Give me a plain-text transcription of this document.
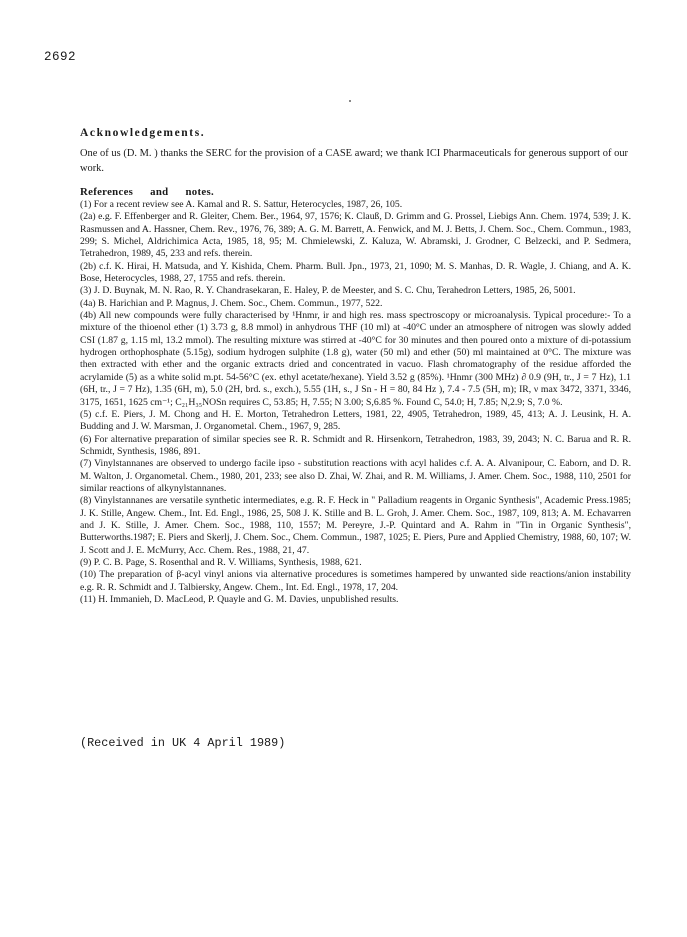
2692
Acknowledgements.
One of us (D. M. ) thanks the SERC for the provision of a CASE award; we thank ICI Pharmaceuticals for generous support of our work.
References and notes.

(1) For a recent review see A. Kamal and R. S. Sattur, Heterocycles, 1987, 26, 105.

(2a) e.g. F. Effenberger and R. Gleiter, Chem. Ber., 1964, 97, 1576; K. Clauß, D. Grimm and G. Prossel, Liebigs Ann. Chem. 1974, 539; J. K. Rasmussen and A. Hassner, Chem. Rev., 1976, 76, 389; A. G. M. Barrett, A. Fenwick, and M. J. Betts, J. Chem. Soc., Chem. Commun., 1983, 299; S. Michel, Aldrichimica Acta, 1985, 18, 95; M. Chmielewski, Z. Kaluza, W. Abramski, J. Grodner, C Belzecki, and P. Sedmera, Tetrahedron, 1989, 45, 233 and refs. therein.

(2b) c.f. K. Hirai, H. Matsuda, and Y. Kishida, Chem. Pharm. Bull. Jpn., 1973, 21, 1090; M. S. Manhas, D. R. Wagle, J. Chiang, and A. K. Bose, Heterocycles, 1988, 27, 1755 and refs. therein.

(3) J. D. Buynak, M. N. Rao, R. Y. Chandrasekaran, E. Haley, P. de Meester, and S. C. Chu, Terahedron Letters, 1985, 26, 5001.

(4a) B. Harichian and P. Magnus, J. Chem. Soc., Chem. Commun., 1977, 522.

(4b) All new compounds were fully characterised by ¹Hnmr, ir and high res. mass spectroscopy or microanalysis. Typical procedure:- To a mixture of the thioenol ether (1) 3.73 g, 8.8 mmol) in anhydrous THF (10 ml) at -40°C under an atmosphere of nitrogen was slowly added CSI (1.87 g, 1.15 ml, 13.2 mmol). The resulting mixture was stirred at -40°C for 30 minutes and then poured onto a mixture of di-potassium hydrogen orthophosphate (5.15g), sodium hydrogen sulphite (1.8 g), water (50 ml) and ether (50) ml maintained at 0°C. The mixture was then extracted with ether and the organic extracts dried and concentrated in vacuo. Flash chromatography of the residue afforded the acrylamide (5) as a white solid m.pt. 54-56°C (ex. ethyl acetate/hexane). Yield 3.52 g (85%). ¹Hnmr (300 MHz) ∂ 0.9 (9H, tr., J = 7 Hz), 1.1 (6H, tr., J = 7 Hz), 1.35 (6H, m), 5.0 (2H, brd. s., exch.), 5.55 (1H, s., J Sn - H = 80, 84 Hz ), 7.4 - 7.5 (5H, m); IR, ν max 3472, 3371, 3346, 3175, 1651, 1625 cm⁻¹; C₂₁H₃₅NOSn requires C, 53.85; H, 7.55; N 3.00; S,6.85 %. Found C, 54.0; H, 7.85; N,2.9; S, 7.0 %.

(5) c.f. E. Piers, J. M. Chong and H. E. Morton, Tetrahedron Letters, 1981, 22, 4905, Tetrahedron, 1989, 45, 413; A. J. Leusink, H. A. Budding and J. W. Marsman, J. Organometal. Chem., 1967, 9, 285.

(6) For alternative preparation of similar species see R. R. Schmidt and R. Hirsenkorn, Tetrahedron, 1983, 39, 2043; N. C. Barua and R. R. Schmidt, Synthesis, 1986, 891.

(7) Vinylstannanes are observed to undergo facile ipso - substitution reactions with acyl halides c.f. A. A. Alvanipour, C. Eaborn, and D. R. M. Walton, J. Organometal. Chem., 1980, 201, 233; see also D. Zhai, W. Zhai, and R. M. Williams, J. Amer. Chem. Soc., 1988, 110, 2501 for similar reactions of alkynylstannanes.

(8) Vinylstannanes are versatile synthetic intermediates, e.g. R. F. Heck in " Palladium reagents in Organic Synthesis", Academic Press.1985; J. K. Stille, Angew. Chem., Int. Ed. Engl., 1986, 25, 508 J. K. Stille and B. L. Groh, J. Amer. Chem. Soc., 1987, 109, 813; A. M. Echavarren and J. K. Stille, J. Amer. Chem. Soc., 1988, 110, 1557; M. Pereyre, J.-P. Quintard and A. Rahm in "Tin in Organic Synthesis", Butterworths.1987; E. Piers and Skerlj, J. Chem. Soc., Chem. Commun., 1987, 1025; E. Piers, Pure and Applied Chemistry, 1988, 60, 107; W. J. Scott and J. E. McMurry, Acc. Chem. Res., 1988, 21, 47.

(9) P. C. B. Page, S. Rosenthal and R. V. Williams, Synthesis, 1988, 621.

(10) The preparation of β-acyl vinyl anions via alternative procedures is sometimes hampered by unwanted side reactions/anion instability e.g. R. R. Schmidt and J. Talbiersky, Angew. Chem., Int. Ed. Engl., 1978, 17, 204.

(11) H. Immanieh, D. MacLeod, P. Quayle and G. M. Davies, unpublished results.

(Received in UK 4 April 1989)
